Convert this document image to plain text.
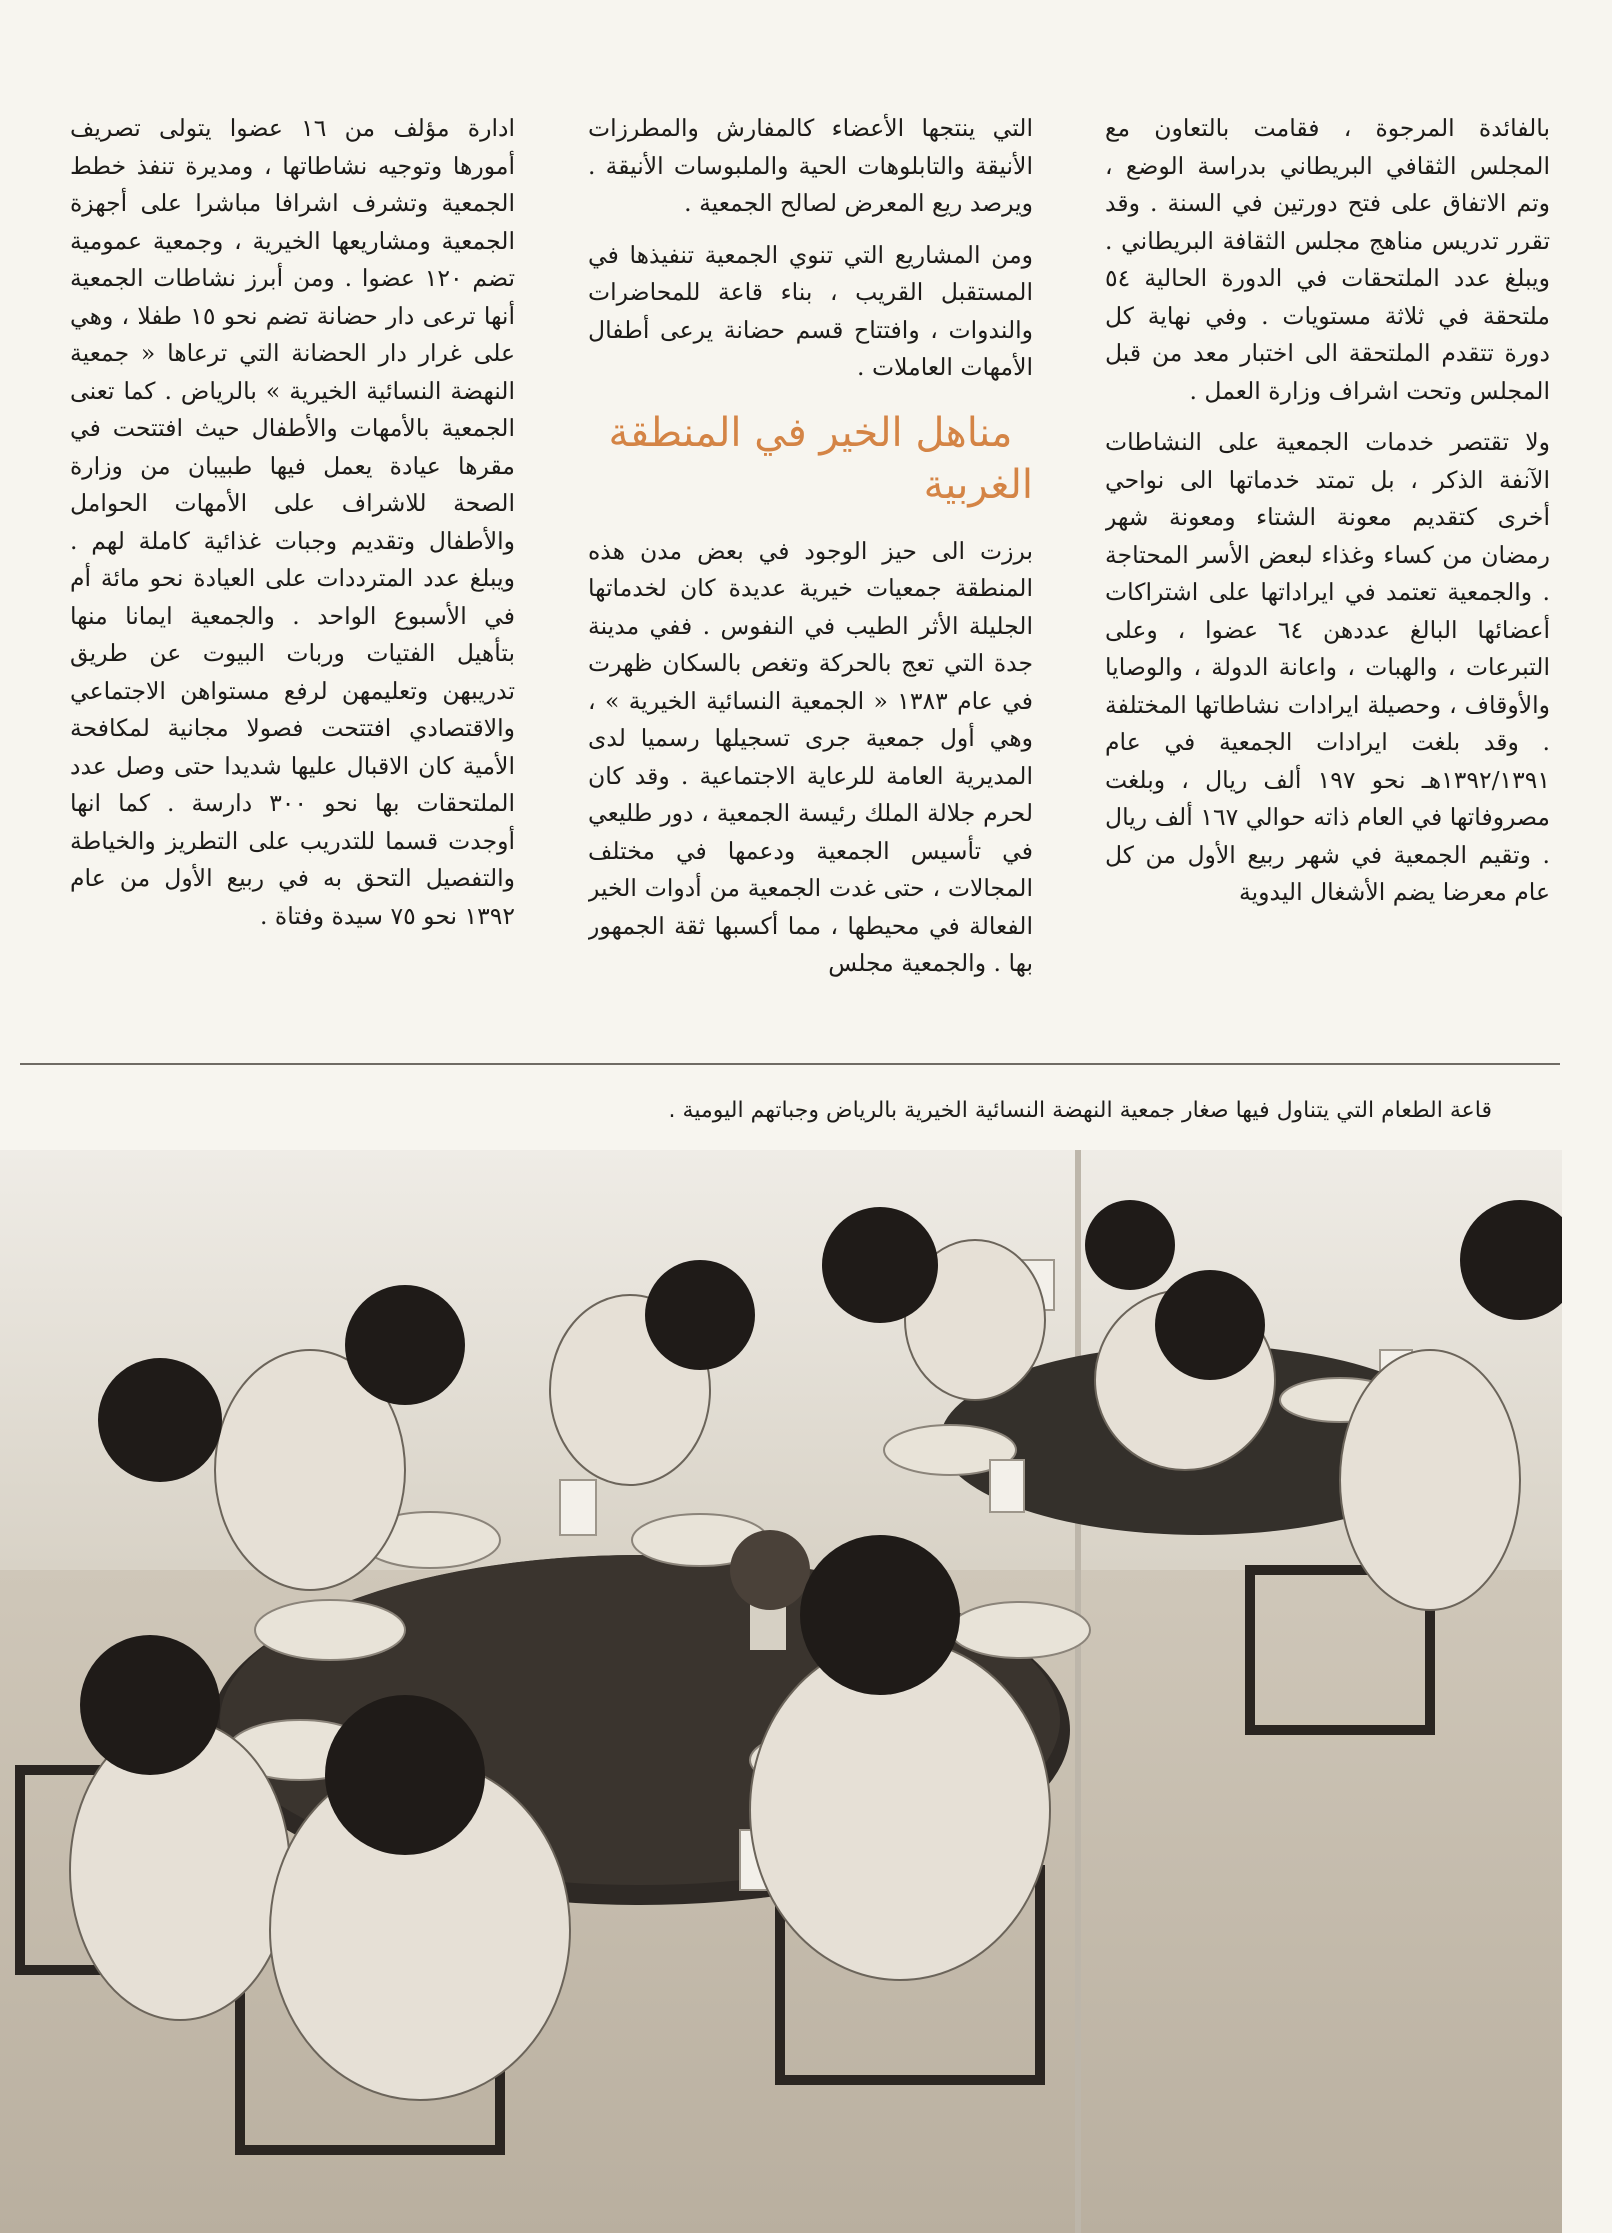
بالفائدة المرجوة ، فقامت بالتعاون مع المجلس الثقافي البريطاني بدراسة الوضع ، وتم الاتفاق على فتح دورتين في السنة . وقد تقرر تدريس مناهج مجلس الثقافة البريطاني . ويبلغ عدد الملتحقات في الدورة الحالية ٥٤ ملتحقة في ثلاثة مستويات . وفي نهاية كل دورة تتقدم الملتحقة الى اختبار معد من قبل المجلس وتحت اشراف وزارة العمل .

ولا تقتصر خدمات الجمعية على النشاطات الآنفة الذكر ، بل تمتد خدماتها الى نواحي أخرى كتقديم معونة الشتاء ومعونة شهر رمضان من كساء وغذاء لبعض الأسر المحتاجة . والجمعية تعتمد في ايراداتها على اشتراكات أعضائها البالغ عددهن ٦٤ عضوا ، وعلى التبرعات ، والهبات ، واعانة الدولة ، والوصايا والأوقاف ، وحصيلة ايرادات نشاطاتها المختلفة . وقد بلغت ايرادات الجمعية في عام ١٣٩٢/١٣٩١هـ نحو ١٩٧ ألف ريال ، وبلغت مصروفاتها في العام ذاته حوالي ١٦٧ ألف ريال . وتقيم الجمعية في شهر ربيع الأول من كل عام معرضا يضم الأشغال اليدوية

التي ينتجها الأعضاء كالمفارش والمطرزات الأنيقة والتابلوهات الحية والملبوسات الأنيقة . ويرصد ريع المعرض لصالح الجمعية .

ومن المشاريع التي تنوي الجمعية تنفيذها في المستقبل القريب ، بناء قاعة للمحاضرات والندوات ، وافتتاح قسم حضانة يرعى أطفال الأمهات العاملات .

مناهل الخير في المنطقة الغربية

برزت الى حيز الوجود في بعض مدن هذه المنطقة جمعيات خيرية عديدة كان لخدماتها الجليلة الأثر الطيب في النفوس . ففي مدينة جدة التي تعج بالحركة وتغص بالسكان ظهرت في عام ١٣٨٣ « الجمعية النسائية الخيرية » ، وهي أول جمعية جرى تسجيلها رسميا لدى المديرية العامة للرعاية الاجتماعية . وقد كان لحرم جلالة الملك رئيسة الجمعية ، دور طليعي في تأسيس الجمعية ودعمها في مختلف المجالات ، حتى غدت الجمعية من أدوات الخير الفعالة في محيطها ، مما أكسبها ثقة الجمهور بها . والجمعية مجلس

ادارة مؤلف من ١٦ عضوا يتولى تصريف أمورها وتوجيه نشاطاتها ، ومديرة تنفذ خطط الجمعية وتشرف اشرافا مباشرا على أجهزة الجمعية ومشاريعها الخيرية ، وجمعية عمومية تضم ١٢٠ عضوا . ومن أبرز نشاطات الجمعية أنها ترعى دار حضانة تضم نحو ١٥ طفلا ، وهي على غرار دار الحضانة التي ترعاها « جمعية النهضة النسائية الخيرية » بالرياض . كما تعنى الجمعية بالأمهات والأطفال حيث افتتحت في مقرها عيادة يعمل فيها طبيبان من وزارة الصحة للاشراف على الأمهات الحوامل والأطفال وتقديم وجبات غذائية كاملة لهم . ويبلغ عدد المترددات على العيادة نحو مائة أم في الأسبوع الواحد . والجمعية ايمانا منها بتأهيل الفتيات وربات البيوت عن طريق تدريبهن وتعليمهن لرفع مستواهن الاجتماعي والاقتصادي افتتحت فصولا مجانية لمكافحة الأمية كان الاقبال عليها شديدا حتى وصل عدد الملتحقات بها نحو ٣٠٠ دارسة . كما انها أوجدت قسما للتدريب على التطريز والخياطة والتفصيل التحق به في ربيع الأول من عام ١٣٩٢ نحو ٧٥ سيدة وفتاة .

قاعة الطعام التي يتناول فيها صغار جمعية النهضة النسائية الخيرية بالرياض وجباتهم اليومية .
